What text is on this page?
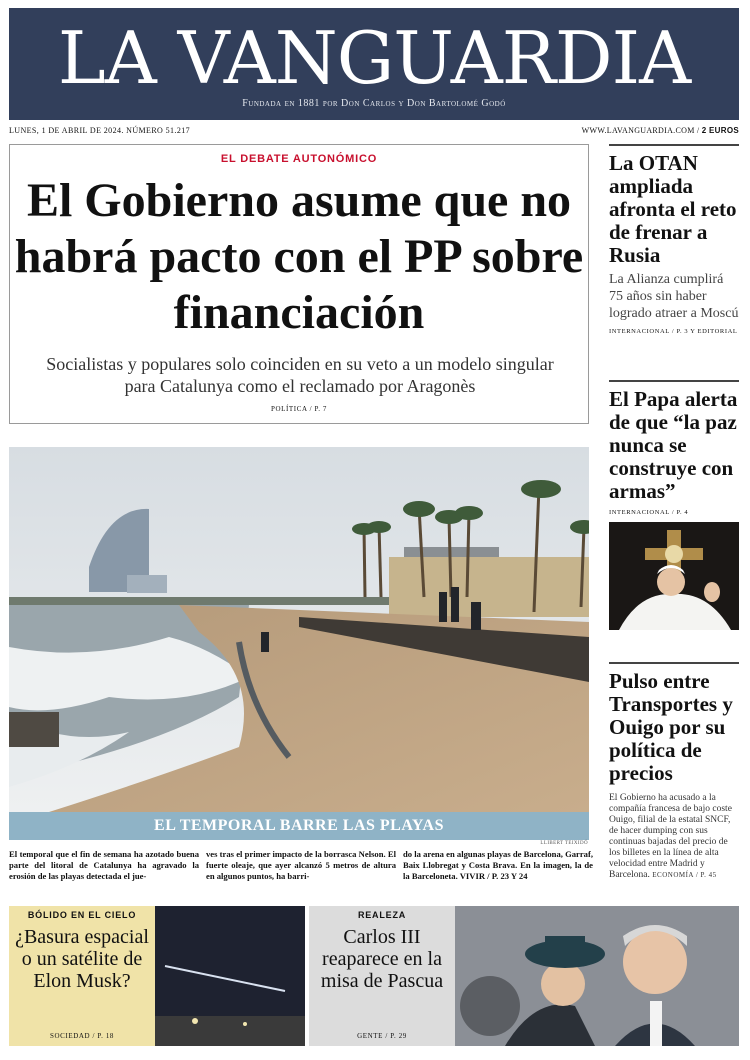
LA VANGUARDIA
Fundada en 1881 por Don Carlos y Don Bartolomé Godó
LUNES, 1 DE ABRIL DE 2024. NÚMERO 51.217	WWW.LAVANGUARDIA.COM / 2 EUROS
EL DEBATE AUTONÓMICO
El Gobierno asume que no habrá pacto con el PP sobre financiación
Socialistas y populares solo coinciden en su veto a un modelo singular para Catalunya como el reclamado por Aragonès
POLÍTICA / P. 7
EL TEMPORAL BARRE LAS PLAYAS
LLIBERT TEIXIDÓ
El temporal que el fin de semana ha azotado buena parte del litoral de Catalunya ha agravado la erosión de las playas detectada el jue-
ves tras el primer impacto de la borrasca Nelson. El fuerte oleaje, que ayer alcanzó 5 metros de altura en algunos puntos, ha barri-
do la arena en algunas playas de Barcelona, Garraf, Baix Llobregat y Costa Brava. En la imagen, la de la Barceloneta. VIVIR / P. 23 Y 24
La OTAN ampliada afronta el reto de frenar a Rusia

La Alianza cumplirá 75 años sin haber logrado atraer a Moscú

INTERNACIONAL / P. 3 Y EDITORIAL
El Papa alerta de que “la paz nunca se construye con armas”
INTERNACIONAL / P. 4
Pulso entre Transportes y Ouigo por su política de precios
El Gobierno ha acusado a la compañía francesa de bajo coste Ouigo, filial de la estatal SNCF, de hacer dumping con sus continuas bajadas del precio de los billetes en la línea de alta velocidad entre Madrid y Barcelona. ECONOMÍA / P. 45
BÓLIDO EN EL CIELO
¿Basura espacial o un satélite de Elon Musk?
SOCIEDAD / P. 18
REALEZA
Carlos III reaparece en la misa de Pascua
GENTE / P. 29
